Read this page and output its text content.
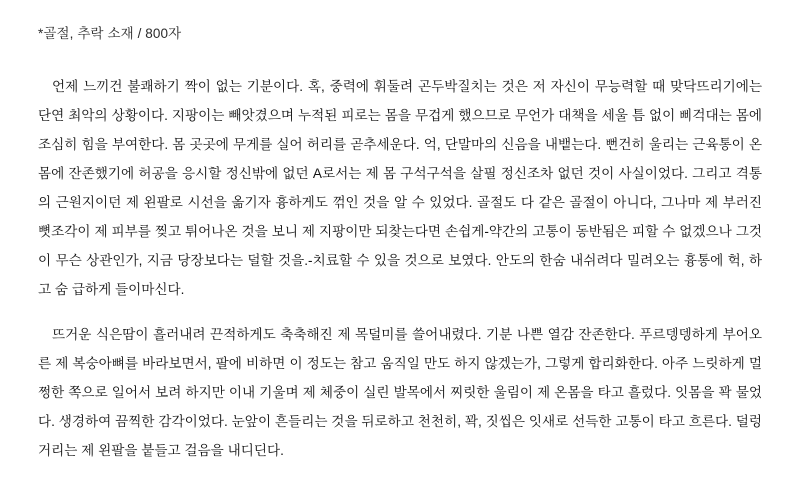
*골절, 추락 소재 / 800자

언제 느끼건 불쾌하기 짝이 없는 기분이다. 혹, 중력에 휘둘려 곤두박질치는 것은 저 자신이 무능력할 때 맞닥뜨리기에는 단연 최악의 상황이다. 지팡이는 빼앗겼으며 누적된 피로는 몸을 무겁게 했으므로 무언가 대책을 세울 틈 없이 삐걱대는 몸에 조심히 힘을 부여한다. 몸 곳곳에 무게를 실어 허리를 곧추세운다. 억, 단말마의 신음을 내뱉는다. 뻔건히 울리는 근육통이 온몸에 잔존했기에 허공을 응시할 정신밖에 없던 A로서는 제 몸 구석구석을 살필 정신조차 없던 것이 사실이었다. 그리고 격통의 근원지이던 제 왼팔로 시선을 옮기자 흉하게도 꺾인 것을 알 수 있었다. 골절도 다 같은 골절이 아니다, 그나마 제 부러진 뼛조각이 제 피부를 찢고 튀어나온 것을 보니 제 지팡이만 되찾는다면 손쉽게-약간의 고통이 동반됨은 피할 수 없겠으나 그것이 무슨 상관인가, 지금 당장보다는 덜할 것을.-치료할 수 있을 것으로 보였다. 안도의 한숨 내쉬려다 밀려오는 흉통에 헉, 하고 숨 급하게 들이마신다.

뜨거운 식은땀이 흘러내려 끈적하게도 축축해진 제 목덜미를 쓸어내렸다. 기분 나쁜 열감 잔존한다. 푸르뎅뎅하게 부어오른 제 복숭아뼈를 바라보면서, 팔에 비하면 이 정도는 참고 움직일 만도 하지 않겠는가, 그렇게 합리화한다. 아주 느릿하게 멀쩡한 쪽으로 일어서 보려 하지만 이내 기울며 제 체중이 실린 발목에서 찌릿한 울림이 제 온몸을 타고 흘렀다. 잇몸을 꽉 물었다. 생경하여 끔찍한 감각이었다. 눈앞이 흔들리는 것을 뒤로하고 천천히, 꽉, 짓씹은 잇새로 선득한 고통이 타고 흐른다. 덜렁거리는 제 왼팔을 붙들고 걸음을 내디딘다.
